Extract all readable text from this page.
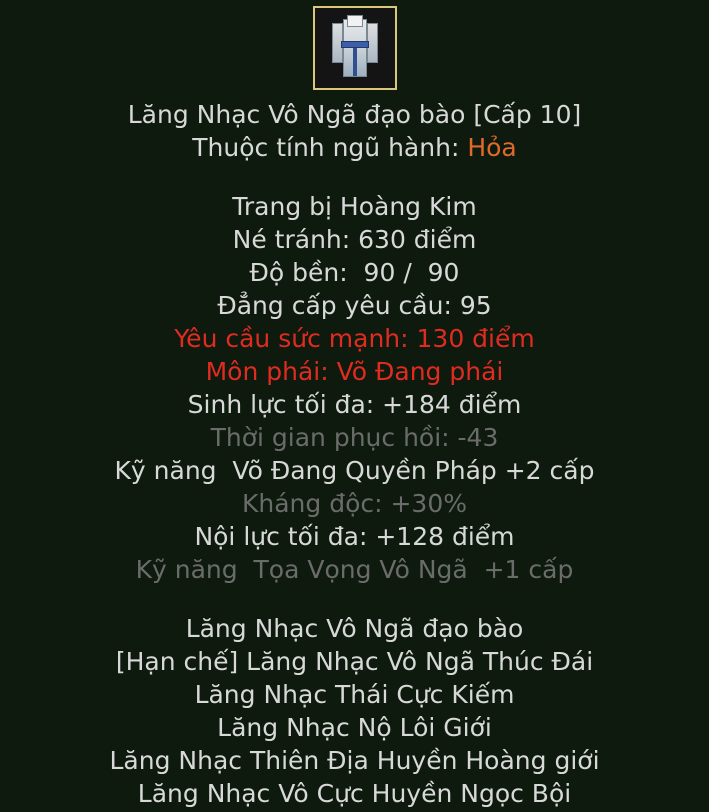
Lăng Nhạc Vô Ngã đạo bào [Cấp 10]
Thuộc tính ngũ hành: Hỏa
Trang bị Hoàng Kim
Né tránh: 630 điểm
Độ bền:  90 /  90
Đẳng cấp yêu cầu: 95
Yêu cầu sức mạnh: 130 điểm
Môn phái: Võ Đang phái
Sinh lực tối đa: +184 điểm
Thời gian phục hồi: -43
Kỹ năng  Võ Đang Quyền Pháp +2 cấp
Kháng độc: +30%
Nội lực tối đa: +128 điểm
Kỹ năng  Tọa Vọng Vô Ngã  +1 cấp
Lăng Nhạc Vô Ngã đạo bào
[Hạn chế] Lăng Nhạc Vô Ngã Thúc Đái
Lăng Nhạc Thái Cực Kiếm
Lăng Nhạc Nộ Lôi Giới
Lăng Nhạc Thiên Địa Huyền Hoàng giới
Lăng Nhạc Vô Cực Huyền Ngọc Bội
